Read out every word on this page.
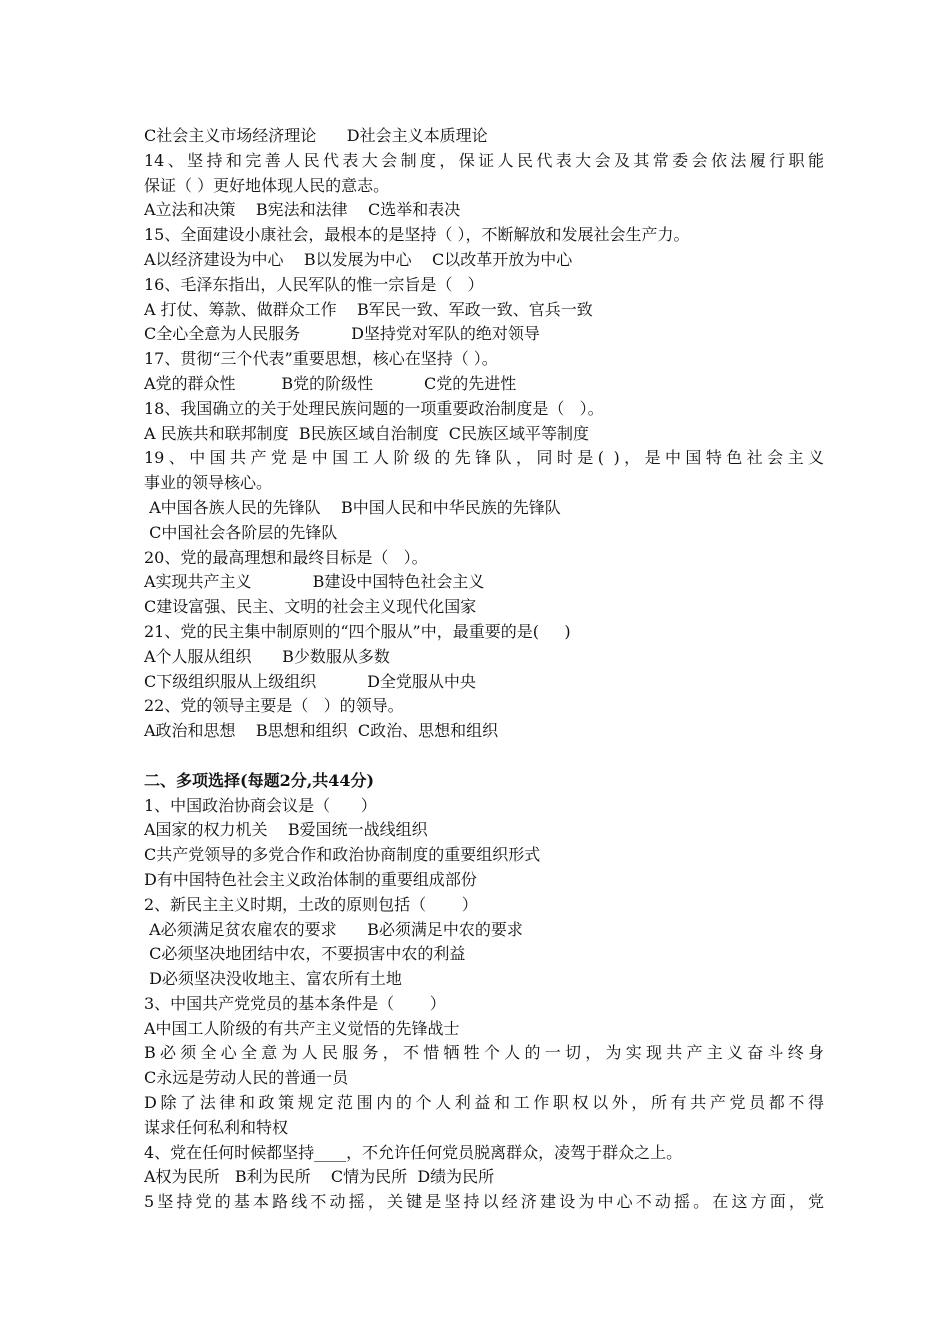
C社会主义市场经济理论      D社会主义本质理论
14、坚持和完善人民代表大会制度，保证人民代表大会及其常委会依法履行职能
保证（ ）更好地体现人民的意志。
A立法和决策    B宪法和法律    C选举和表决
15、全面建设小康社会，最根本的是坚持（ ），不断解放和发展社会生产力。
A以经济建设为中心    B以发展为中心    C以改革开放为中心
16、毛泽东指出，人民军队的惟一宗旨是（   ）
A 打仗、筹款、做群众工作    B军民一致、军政一致、官兵一致
C全心全意为人民服务          D坚持党对军队的绝对领导
17、贯彻“三个代表”重要思想，核心在坚持（ ）。
A党的群众性         B党的阶级性          C党的先进性
18、我国确立的关于处理民族问题的一项重要政治制度是（   ）。
A 民族共和联邦制度  B民族区域自治制度  C民族区域平等制度
19、中国共产党是中国工人阶级的先锋队，同时是( )，是中国特色社会主义
事业的领导核心。
A中国各族人民的先锋队    B中国人民和中华民族的先锋队
C中国社会各阶层的先锋队
20、党的最高理想和最终目标是（   ）。
A实现共产主义            B建设中国特色社会主义
C建设富强、民主、文明的社会主义现代化国家
21、党的民主集中制原则的“四个服从”中，最重要的是(     )
A个人服从组织      B少数服从多数
C下级组织服从上级组织          D全党服从中央
22、党的领导主要是（   ）的领导。
A政治和思想    B思想和组织  C政治、思想和组织
二、多项选择(每题2分,共44分)
1、中国政治协商会议是（      ）
A国家的权力机关    B爱国统一战线组织
C共产党领导的多党合作和政治协商制度的重要组织形式
D有中国特色社会主义政治体制的重要组成部份
2、新民主主义时期，土改的原则包括（       ）
A必须满足贫农雇农的要求      B必须满足中农的要求
C必须坚决地团结中农，不要损害中农的利益
D必须坚决没收地主、富农所有土地
3、中国共产党党员的基本条件是（       ）
A中国工人阶级的有共产主义觉悟的先锋战士
B必须全心全意为人民服务，不惜牺牲个人的一切，为实现共产主义奋斗终身
C永远是劳动人民的普通一员
D除了法律和政策规定范围内的个人利益和工作职权以外，所有共产党员都不得
谋求任何私利和特权
4、党在任何时候都坚持____，不允许任何党员脱离群众，凌驾于群众之上。
A权为民所   B利为民所    C情为民所  D绩为民所
5坚持党的基本路线不动摇，关键是坚持以经济建设为中心不动摇。在这方面，党
